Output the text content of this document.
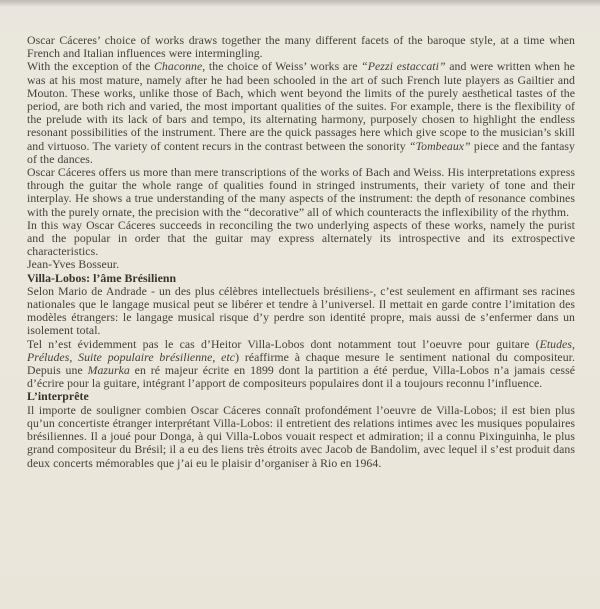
Oscar Cáceres’ choice of works draws together the many different facets of the baroque style, at a time when French and Italian influences were intermingling.

With the exception of the Chaconne, the choice of Weiss’ works are “Pezzi estaccati” and were written when he was at his most mature, namely after he had been schooled in the art of such French lute players as Gailtier and Mouton. These works, unlike those of Bach, which went beyond the limits of the purely aesthetical tastes of the period, are both rich and varied, the most important qualities of the suites. For example, there is the flexibility of the prelude with its lack of bars and tempo, its alternating harmony, purposely chosen to highlight the endless resonant possibilities of the instrument. There are the quick passages here which give scope to the musician’s skill and virtuoso. The variety of content recurs in the contrast between the sonority “Tombeaux” piece and the fantasy of the dances.

Oscar Cáceres offers us more than mere transcriptions of the works of Bach and Weiss. His interpretations express through the guitar the whole range of qualities found in stringed instruments, their variety of tone and their interplay. He shows a true understanding of the many aspects of the instrument: the depth of resonance combines with the purely ornate, the precision with the “decorative” all of which counteracts the inflexibility of the rhythm.

In this way Oscar Cáceres succeeds in reconciling the two underlying aspects of these works, namely the purist and the popular in order that the guitar may express alternately its introspective and its extrospective characteristics.

Jean-Yves Bosseur.

Villa-Lobos: l’âme Brésilienn

Selon Mario de Andrade - un des plus célèbres intellectuels brésiliens-, c’est seulement en affirmant ses racines nationales que le langage musical peut se libérer et tendre à l’universel. Il mettait en garde contre l’imitation des modèles étrangers: le langage musical risque d’y perdre son identité propre, mais aussi de s’enfermer dans un isolement total.

Tel n’est évidemment pas le cas d’Heitor Villa-Lobos dont notamment tout l’oeuvre pour guitare (Etudes, Préludes, Suite populaire brésilienne, etc) réaffirme à chaque mesure le sentiment national du compositeur. Depuis une Mazurka en ré majeur écrite en 1899 dont la partition a été perdue, Villa-Lobos n’a jamais cessé d’écrire pour la guitare, intégrant l’apport de compositeurs populaires dont il a toujours reconnu l’influence.

L’interprête

Il importe de souligner combien Oscar Cáceres connaît profondément l’oeuvre de Villa-Lobos; il est bien plus qu’un concertiste étranger interprétant Villa-Lobos: il entretient des relations intimes avec les musiques populaires brésiliennes. Il a joué pour Donga, à qui Villa-Lobos vouait respect et admiration; il a connu Pixinguinha, le plus grand compositeur du Brésil; il a eu des liens très étroits avec Jacob de Bandolim, avec lequel il s’est produit dans deux concerts mémorables que j’ai eu le plaisir d’organiser à Rio en 1964.
